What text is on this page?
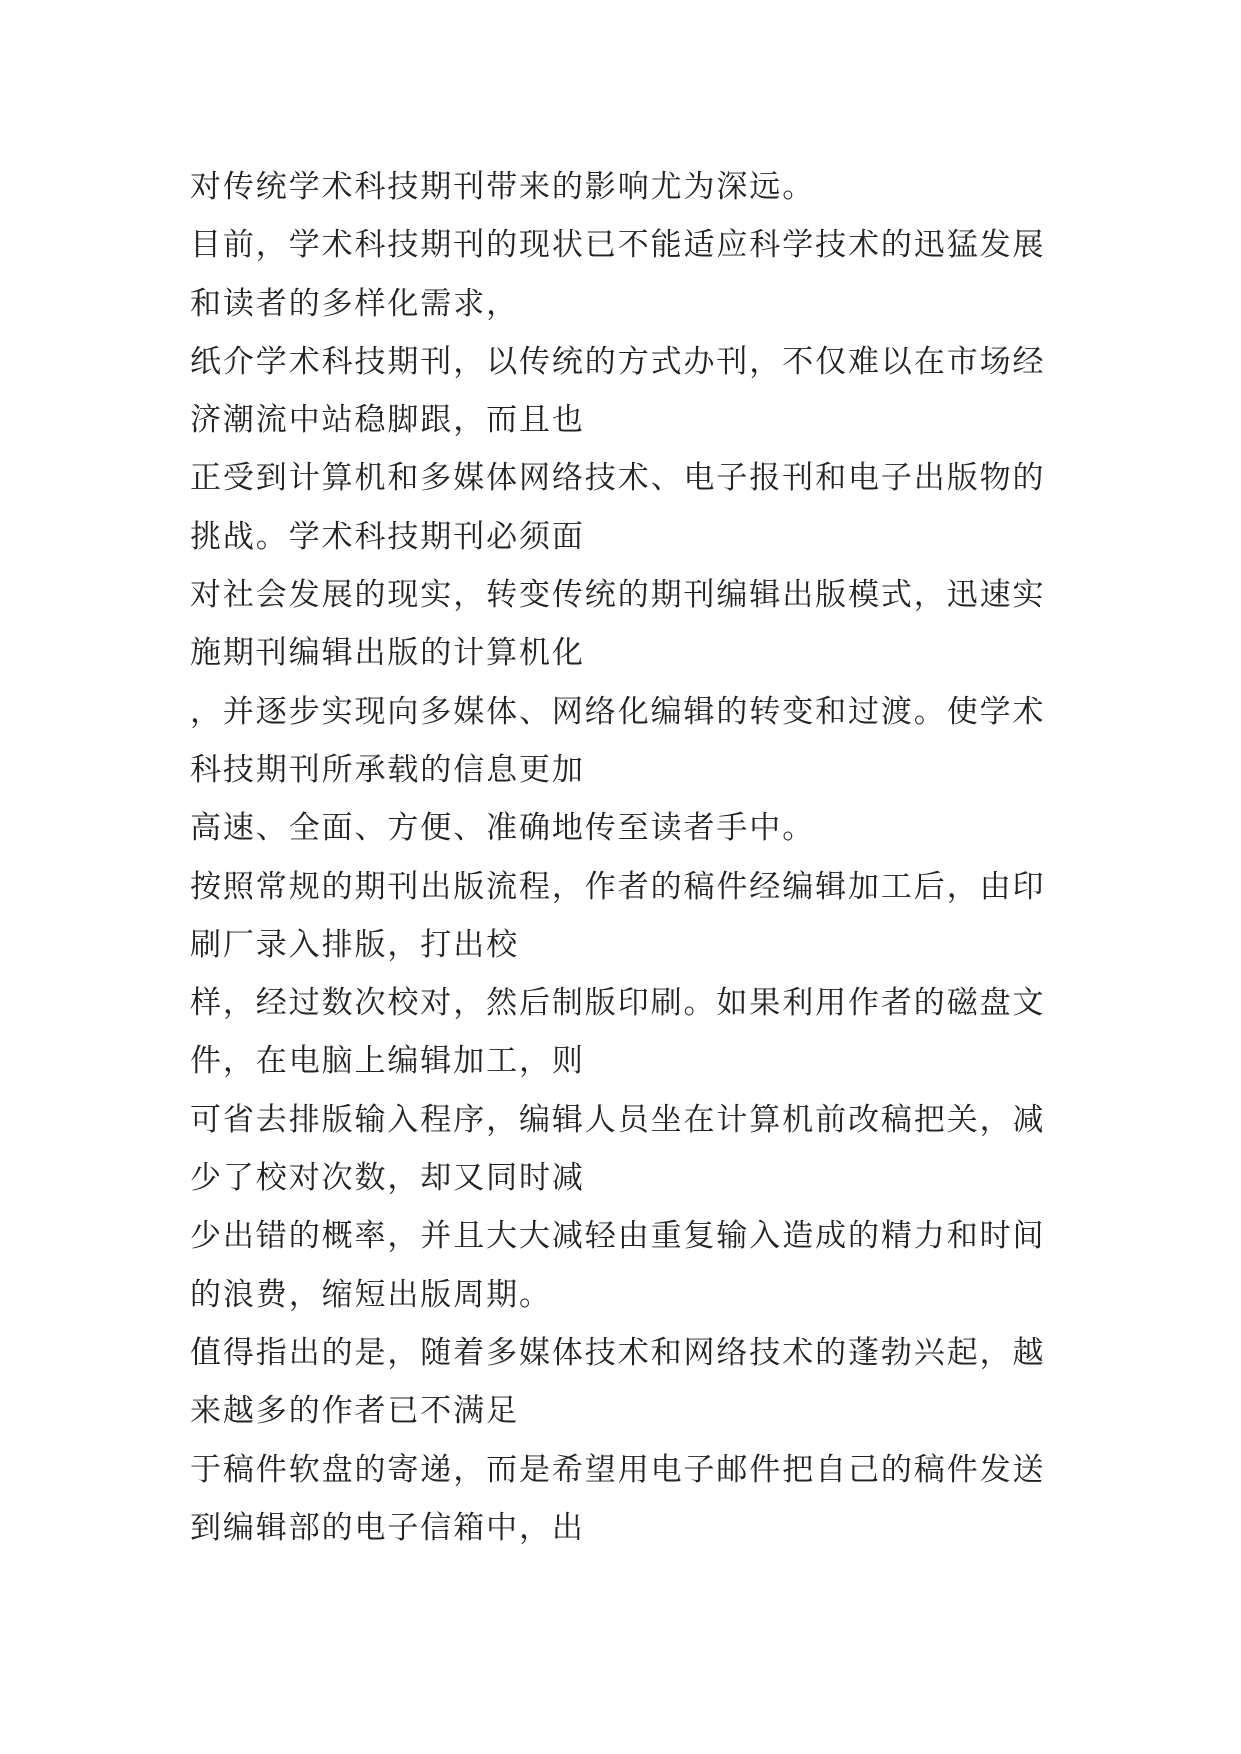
对传统学术科技期刊带来的影响尤为深远。
目前，学术科技期刊的现状已不能适应科学技术的迅猛发展
和读者的多样化需求，
纸介学术科技期刊，以传统的方式办刊，不仅难以在市场经
济潮流中站稳脚跟，而且也
正受到计算机和多媒体网络技术、电子报刊和电子出版物的
挑战。学术科技期刊必须面
对社会发展的现实，转变传统的期刊编辑出版模式，迅速实
施期刊编辑出版的计算机化
，并逐步实现向多媒体、网络化编辑的转变和过渡。使学术
科技期刊所承载的信息更加
高速、全面、方便、准确地传至读者手中。
按照常规的期刊出版流程，作者的稿件经编辑加工后，由印
刷厂录入排版，打出校
样，经过数次校对，然后制版印刷。如果利用作者的磁盘文
件，在电脑上编辑加工，则
可省去排版输入程序，编辑人员坐在计算机前改稿把关，减
少了校对次数，却又同时减
少出错的概率，并且大大减轻由重复输入造成的精力和时间
的浪费，缩短出版周期。
值得指出的是，随着多媒体技术和网络技术的蓬勃兴起，越
来越多的作者已不满足
于稿件软盘的寄递，而是希望用电子邮件把自己的稿件发送
到编辑部的电子信箱中，出
